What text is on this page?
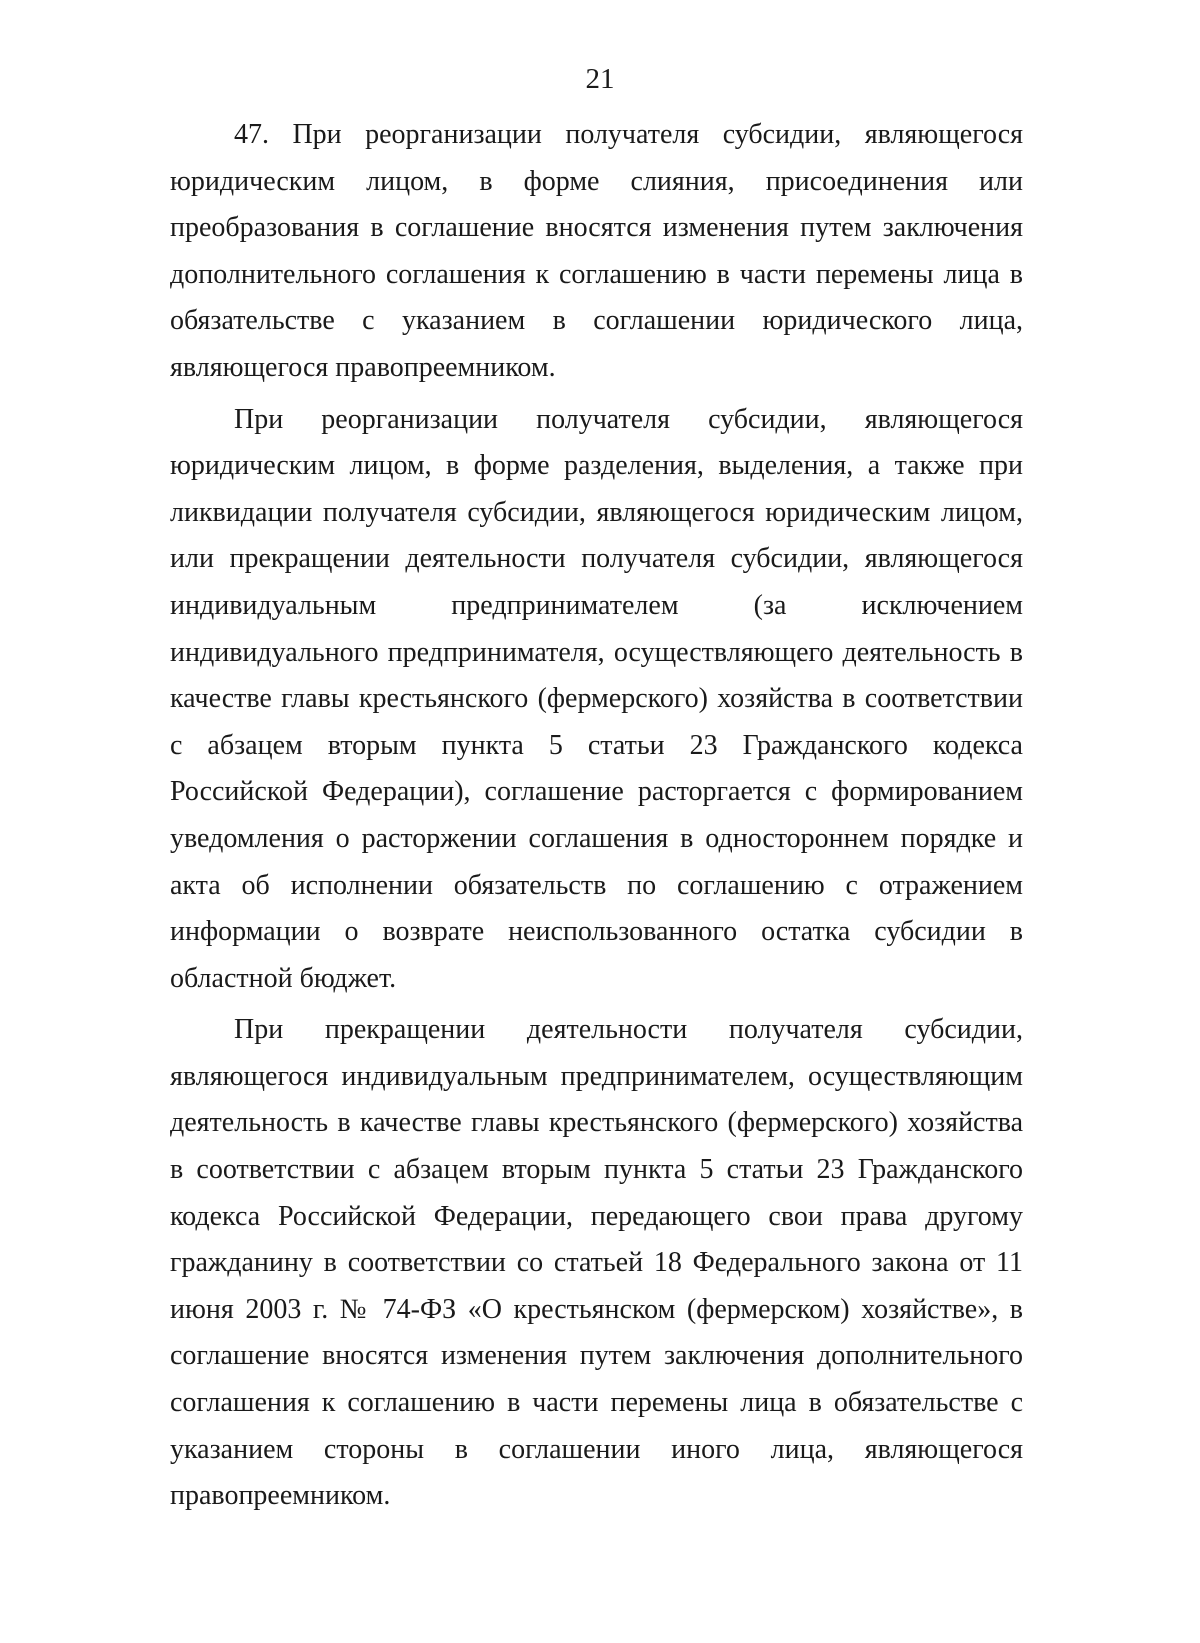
21

47. При реорганизации получателя субсидии, являющегося юридическим лицом, в форме слияния, присоединения или преобразования в соглашение вносятся изменения путем заключения дополнительного соглашения к соглашению в части перемены лица в обязательстве с указанием в соглашении юридического лица, являющегося правопреемником.

При реорганизации получателя субсидии, являющегося юридическим лицом, в форме разделения, выделения, а также при ликвидации получателя субсидии, являющегося юридическим лицом, или прекращении деятельности получателя субсидии, являющегося индивидуальным предпринимателем (за исключением индивидуального предпринимателя, осуществляющего деятельность в качестве главы крестьянского (фермерского) хозяйства в соответствии с абзацем вторым пункта 5 статьи 23 Гражданского кодекса Российской Федерации), соглашение расторгается с формированием уведомления о расторжении соглашения в одностороннем порядке и акта об исполнении обязательств по соглашению с отражением информации о возврате неиспользованного остатка субсидии в областной бюджет.

При прекращении деятельности получателя субсидии, являющегося индивидуальным предпринимателем, осуществляющим деятельность в качестве главы крестьянского (фермерского) хозяйства в соответствии с абзацем вторым пункта 5 статьи 23 Гражданского кодекса Российской Федерации, передающего свои права другому гражданину в соответствии со статьей 18 Федерального закона от 11 июня 2003 г. № 74-ФЗ «О крестьянском (фермерском) хозяйстве», в соглашение вносятся изменения путем заключения дополнительного соглашения к соглашению в части перемены лица в обязательстве с указанием стороны в соглашении иного лица, являющегося правопреемником.
